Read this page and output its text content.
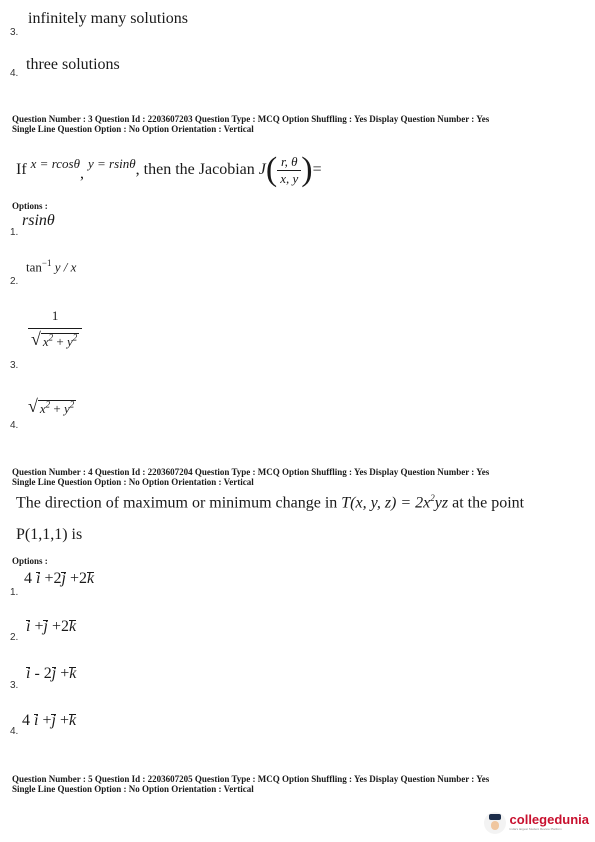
infinitely many solutions
3.
three solutions
4.
Question Number : 3 Question Id : 2203607203 Question Type : MCQ Option Shuffling : Yes Display Question Number : Yes
Single Line Question Option : No Option Orientation : Vertical
If
x = rcosθ
,

y = rsinθ , then the Jacobian
J ( $\frac{r, \theta}{x, y}$ ) =
Options :
rsinθ
1.
$\tan^{-1} y$ / x
2.
$\frac{1}{√ x^2 + y^2}$
3.
√ $x^2 + y^2$
4.
Question Number : 4 Question Id : 2203607204 Question Type : MCQ Option Shuffling : Yes Display Question Number : Yes
Single Line Question Option : No Option Orientation : Vertical
The direction of maximum or minimum change in T(x, y, $z) = 2x^2yz$ at the point
P(1,1,1) is
Options :
4 i +2j +2k
1.
i +j +2k
2.
i - 2j +k
3.
4 i +j +k
4.
Question Number : 5 Question Id : 2203607205 Question Type : MCQ Option Shuffling : Yes Display Question Number : Yes
Single Line Question Option : No Option Orientation : Vertical
collegedunia
India's largest Student Review Platform
